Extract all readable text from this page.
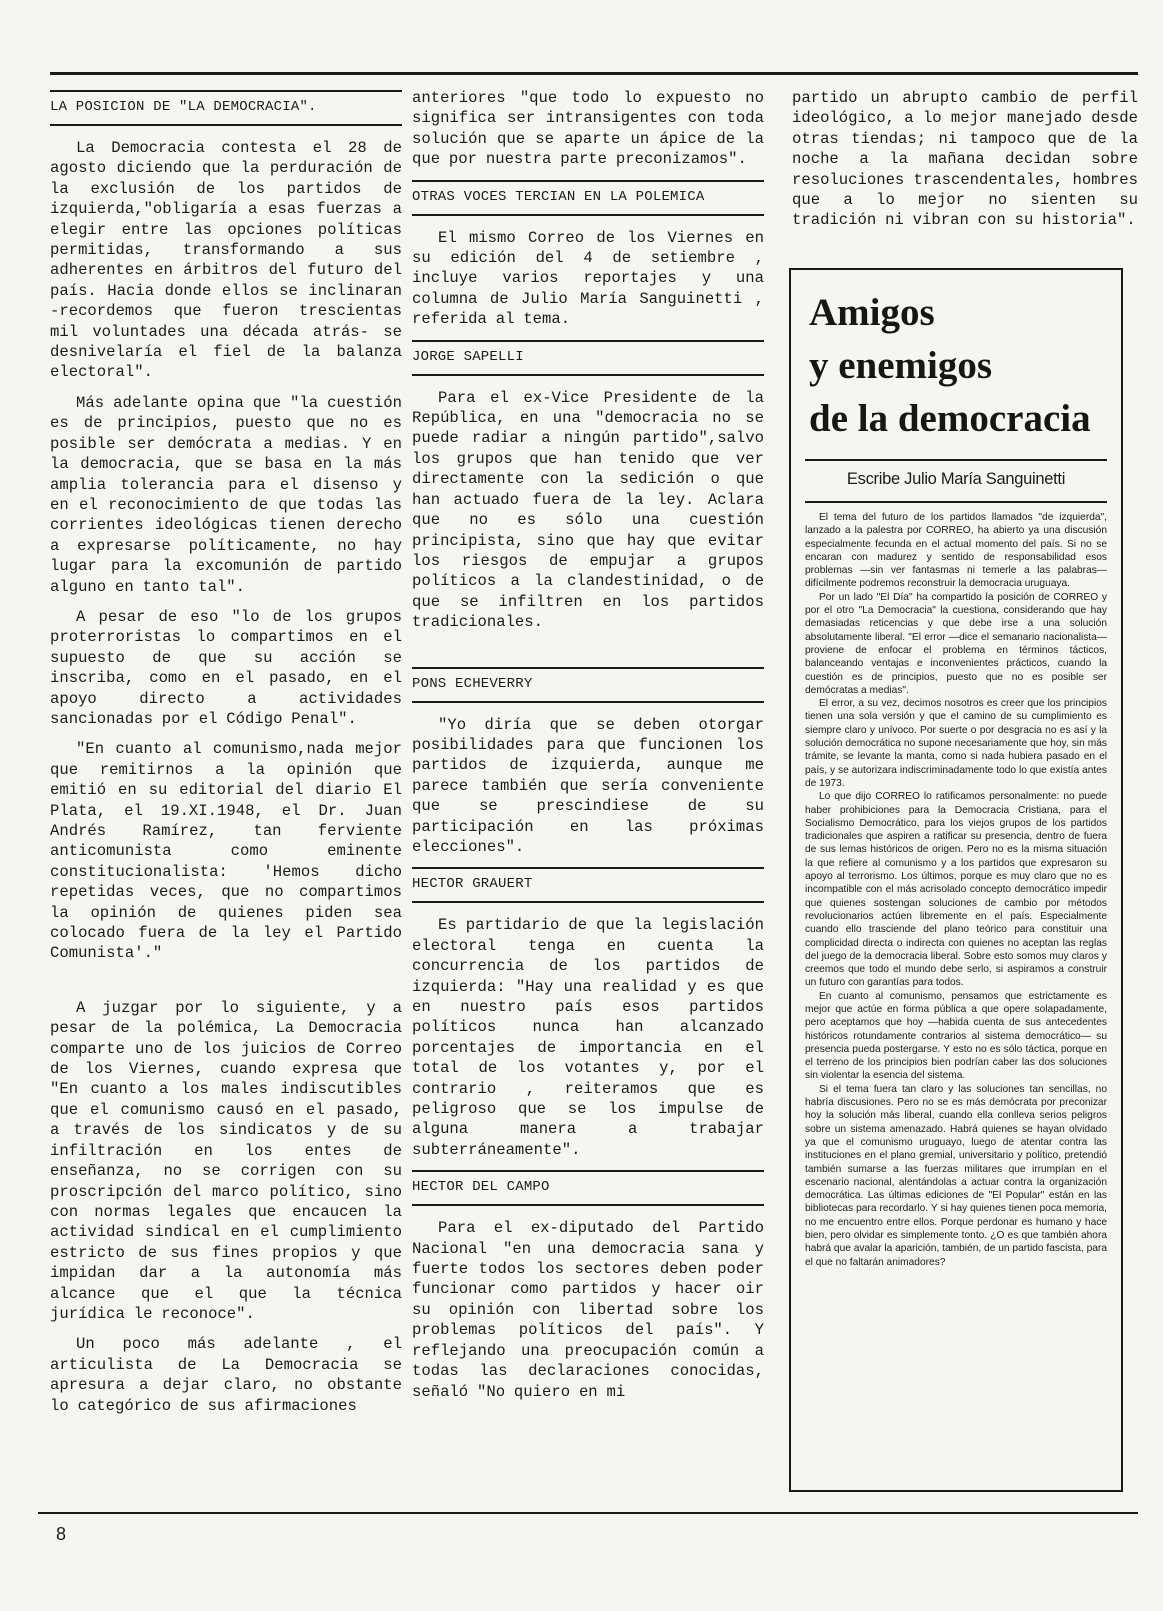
LA POSICION DE "LA DEMOCRACIA".

La Democracia contesta el 28 de agosto diciendo que la perduración de la exclusión de los partidos de izquierda,"obligaría a esas fuerzas a elegir entre las opciones políticas permitidas, transformando a sus adherentes en árbitros del futuro del país. Hacia donde ellos se inclinaran -recordemos que fueron trescientas mil voluntades una década atrás- se desnivelaría el fiel de la balanza electoral".

Más adelante opina que "la cuestión es de principios, puesto que no es posible ser demócrata a medias. Y en la democracia, que se basa en la más amplia tolerancia para el disenso y en el reconocimiento de que todas las corrientes ideológicas tienen derecho a expresarse políticamente, no hay lugar para la excomunión de partido alguno en tanto tal".

A pesar de eso "lo de los grupos proterroristas lo compartimos en el supuesto de que su acción se inscriba, como en el pasado, en el apoyo directo a actividades sancionadas por el Código Penal".

"En cuanto al comunismo,nada mejor que remitirnos a la opinión que emitió en su editorial del diario El Plata, el 19.XI.1948, el Dr. Juan Andrés Ramírez, tan ferviente anticomunista como eminente constitucionalista: 'Hemos dicho repetidas veces, que no compartimos la opinión de quienes piden sea colocado fuera de la ley el Partido Comunista'."

A juzgar por lo siguiente, y a pesar de la polémica, La Democracia comparte uno de los juicios de Correo de los Viernes, cuando expresa que "En cuanto a los males indiscutibles que el comunismo causó en el pasado, a través de los sindicatos y de su infiltración en los entes de enseñanza, no se corrigen con su proscripción del marco político, sino con normas legales que encaucen la actividad sindical en el cumplimiento estricto de sus fines propios y que impidan dar a la autonomía más alcance que el que la técnica jurídica le reconoce".

Un poco más adelante , el articulista de La Democracia se apresura a dejar claro, no obstante lo categórico de sus afirmaciones

anteriores "que todo lo expuesto no significa ser intransigentes con toda solución que se aparte un ápice de la que por nuestra parte preconizamos".

OTRAS VOCES TERCIAN EN LA POLEMICA

El mismo Correo de los Viernes en su edición del 4 de setiembre , incluye varios reportajes y una columna de Julio María Sanguinetti , referida al tema.

JORGE SAPELLI

Para el ex-Vice Presidente de la República, en una "democracia no se puede radiar a ningún partido",salvo los grupos que han tenido que ver directamente con la sedición o que han actuado fuera de la ley. Aclara que no es sólo una cuestión principista, sino que hay que evitar los riesgos de empujar a grupos políticos a la clandestinidad, o de que se infiltren en los partidos tradicionales.

PONS ECHEVERRY

"Yo diría que se deben otorgar posibilidades para que funcionen los partidos de izquierda, aunque me parece también que sería conveniente que se prescindiese de su participación en las próximas elecciones".

HECTOR GRAUERT

Es partidario de que la legislación electoral tenga en cuenta la concurrencia de los partidos de izquierda: "Hay una realidad y es que en nuestro país esos partidos políticos nunca han alcanzado porcentajes de importancia en el total de los votantes y, por el contrario , reiteramos que es peligroso que se los impulse de alguna manera a trabajar subterráneamente".

HECTOR DEL CAMPO

Para el ex-diputado del Partido Nacional "en una democracia sana y fuerte todos los sectores deben poder funcionar como partidos y hacer oir su opinión con libertad sobre los problemas políticos del país". Y reflejando una preocupación común a todas las declaraciones conocidas, señaló "No quiero en mi

partido un abrupto cambio de perfil ideológico, a lo mejor manejado desde otras tiendas; ni tampoco que de la noche a la mañana decidan sobre resoluciones trascendentales, hombres que a lo mejor no sienten su tradición ni vibran con su historia".

Amigos
y enemigos
de la democracia
Escribe Julio María Sanguinetti

El tema del futuro de los partidos llamados "de izquierda", lanzado a la palestra por CORREO, ha abierto ya una discusión especialmente fecunda en el actual momento del país. Si no se encaran con madurez y sentido de responsabilidad esos problemas —sin ver fantasmas ni temerle a las palabras— difícilmente podremos reconstruir la democracia uruguaya.

Por un lado "El Día" ha compartido la posición de CORREO y por el otro "La Democracia" la cuestiona, considerando que hay demasiadas reticencias y que debe irse a una solución absolutamente liberal. "El error —dice el semanario nacionalista— proviene de enfocar el problema en términos tácticos, balanceando ventajas e inconvenientes prácticos, cuando la cuestión es de principios, puesto que no es posible ser demócratas a medias".

El error, a su vez, decimos nosotros es creer que los principios tienen una sola versión y que el camino de su cumplimiento es siempre claro y unívoco. Por suerte o por desgracia no es así y la solución democrática no supone necesariamente que hoy, sin más trámite, se levante la manta, como si nada hubiera pasado en el país, y se autorizara indiscriminadamente todo lo que existía antes de 1973.

Lo que dijo CORREO lo ratificamos personalmente: no puede haber prohibiciones para la Democracia Cristiana, para el Socialismo Democrático, para los viejos grupos de los partidos tradicionales que aspiren a ratificar su presencia, dentro de fuera de sus lemas históricos de origen. Pero no es la misma situación la que refiere al comunismo y a los partidos que expresaron su apoyo al terrorismo. Los últimos, porque es muy claro que no es incompatible con el más acrisolado concepto democrático impedir que quienes sostengan soluciones de cambio por métodos revolucionarios actúen libremente en el país. Especialmente cuando ello trasciende del plano teórico para constituir una complicidad directa o indirecta con quienes no aceptan las reglas del juego de la democracia liberal. Sobre esto somos muy claros y creemos que todo el mundo debe serlo, si aspiramos a construir un futuro con garantías para todos.

En cuanto al comunismo, pensamos que estrictamente es mejor que actúe en forma pública a que opere solapadamente, pero aceptamos que hoy —habida cuenta de sus antecedentes históricos rotundamente contrarios al sistema democrático— su presencia pueda postergarse. Y esto no es sólo táctica, porque en el terreno de los principios bien podrían caber las dos soluciones sin violentar la esencia del sistema.

Si el tema fuera tan claro y las soluciones tan sencillas, no habría discusiones. Pero no se es más demócrata por preconizar hoy la solución más liberal, cuando ella conlleva serios peligros sobre un sistema amenazado. Habrá quienes se hayan olvidado ya que el comunismo uruguayo, luego de atentar contra las instituciones en el plano gremial, universitario y político, pretendió también sumarse a las fuerzas militares que irrumpían en el escenario nacional, alentándolas a actuar contra la organización democrática. Las últimas ediciones de "El Popular" están en las bibliotecas para recordarlo. Y si hay quienes tienen poca memoria, no me encuentro entre ellos. Porque perdonar es humano y hace bien, pero olvidar es simplemente tonto. ¿O es que también ahora habrá que avalar la aparición, también, de un partido fascista, para el que no faltarán animadores?

8
